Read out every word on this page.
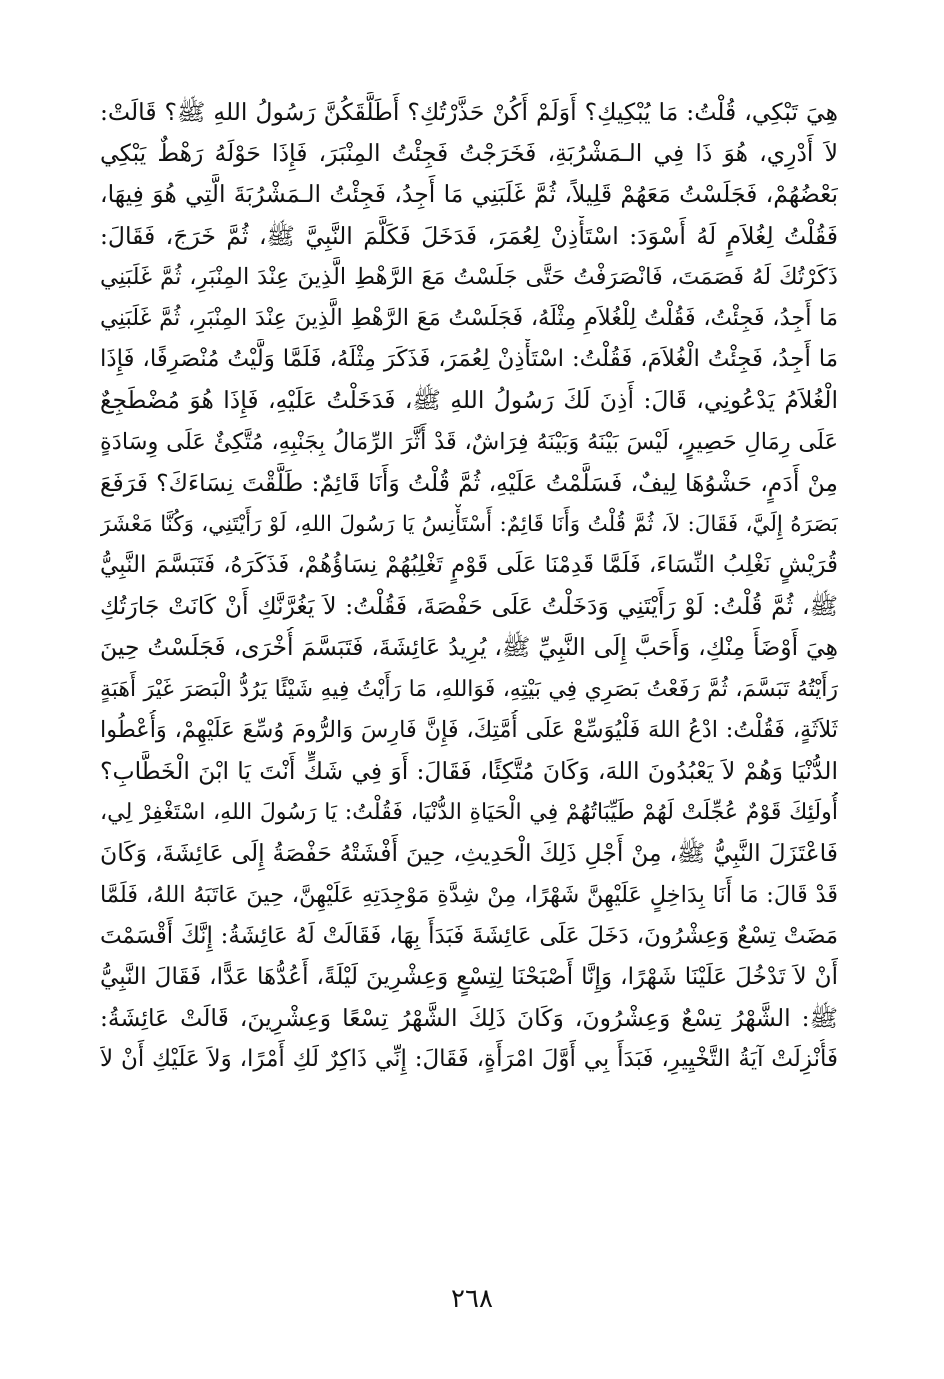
هِيَ تَبْكِي، قُلْتُ: مَا يُبْكِيكِ؟ أَوَلَمْ أَكُنْ حَذَّرْتُكِ؟ أَطَلَّقَكُنَّ رَسُولُ اللهِ ﷺ؟ قَالَتْ:
لاَ أَدْرِي، هُوَ ذَا فِي الـمَشْرُبَةِ، فَخَرَجْتُ فَجِئْتُ المِنْبَرَ، فَإِذَا حَوْلَهُ رَهْطٌ يَبْكِي
بَعْضُهُمْ، فَجَلَسْتُ مَعَهُمْ قَلِيلاً، ثُمَّ غَلَبَنِي مَا أَجِدُ، فَجِئْتُ الـمَشْرُبَةَ الَّتِي هُوَ فِيهَا،
فَقُلْتُ لِغُلاَمٍ لَهُ أَسْوَدَ: اسْتَأْذِنْ لِعُمَرَ، فَدَخَلَ فَكَلَّمَ النَّبِيَّ ﷺ، ثُمَّ خَرَجَ، فَقَالَ:
ذَكَرْتُكَ لَهُ فَصَمَتَ، فَانْصَرَفْتُ حَتَّى جَلَسْتُ مَعَ الرَّهْطِ الَّذِينَ عِنْدَ المِنْبَرِ، ثُمَّ غَلَبَنِي
مَا أَجِدُ، فَجِئْتُ، فَقُلْتُ لِلْغُلاَمِ مِثْلَهُ، فَجَلَسْتُ مَعَ الرَّهْطِ الَّذِينَ عِنْدَ المِنْبَرِ، ثُمَّ غَلَبَنِي
مَا أَجِدُ، فَجِئْتُ الْغُلاَمَ، فَقُلْتُ: اسْتَأْذِنْ لِعُمَرَ، فَذَكَرَ مِثْلَهُ، فَلَمَّا وَلَّيْتُ مُنْصَرِفًا، فَإِذَا
الْغُلاَمُ يَدْعُونِي، قَالَ: أَذِنَ لَكَ رَسُولُ اللهِ ﷺ، فَدَخَلْتُ عَلَيْهِ، فَإِذَا هُوَ مُضْطَجِعٌ
عَلَى رِمَالِ حَصِيرٍ، لَيْسَ بَيْنَهُ وَبَيْنَهُ فِرَاشٌ، قَدْ أَثَّرَ الرِّمَالُ بِجَنْبِهِ، مُتَّكِئٌ عَلَى وِسَادَةٍ
مِنْ أَدَمٍ، حَشْوُهَا لِيفٌ، فَسَلَّمْتُ عَلَيْهِ، ثُمَّ قُلْتُ وَأَنَا قَائِمٌ: طَلَّقْتَ نِسَاءَكَ؟ فَرَفَعَ
بَصَرَهُ إِلَيَّ، فَقَالَ: لاَ، ثُمَّ قُلْتُ وَأَنَا قَائِمٌ: أَسْتَأْنِسُ يَا رَسُولَ اللهِ، لَوْ رَأَيْتَنِي، وَكُنَّا مَعْشَرَ
قُرَيْشٍ نَغْلِبُ النِّسَاءَ، فَلَمَّا قَدِمْنَا عَلَى قَوْمٍ تَغْلِبُهُمْ نِسَاؤُهُمْ، فَذَكَرَهُ، فَتَبَسَّمَ النَّبِيُّ
ﷺ، ثُمَّ قُلْتُ: لَوْ رَأَيْتَنِي وَدَخَلْتُ عَلَى حَفْصَةَ، فَقُلْتُ: لاَ يَغُرَّنَّكِ أَنْ كَانَتْ جَارَتُكِ
هِيَ أَوْضَأَ مِنْكِ، وَأَحَبَّ إِلَى النَّبِيِّ ﷺ، يُرِيدُ عَائِشَةَ، فَتَبَسَّمَ أُخْرَى، فَجَلَسْتُ حِينَ
رَأَيْتُهُ تَبَسَّمَ، ثُمَّ رَفَعْتُ بَصَرِي فِي بَيْتِهِ، فَوَاللهِ، مَا رَأَيْتُ فِيهِ شَيْئًا يَرُدُّ الْبَصَرَ غَيْرَ أَهَبَةٍ
ثَلاَثَةٍ، فَقُلْتُ: ادْعُ اللهَ فَلْيُوَسِّعْ عَلَى أُمَّتِكَ، فَإِنَّ فَارِسَ وَالرُّومَ وُسِّعَ عَلَيْهِمْ، وَأُعْطُوا
الدُّنْيَا وَهُمْ لاَ يَعْبُدُونَ اللهَ، وَكَانَ مُتَّكِئًا، فَقَالَ: أَوَ فِي شَكٍّ أَنْتَ يَا ابْنَ الْخَطَّابِ؟
أُولَئِكَ قَوْمٌ عُجِّلَتْ لَهُمْ طَيِّبَاتُهُمْ فِي الْحَيَاةِ الدُّنْيَا، فَقُلْتُ: يَا رَسُولَ اللهِ، اسْتَغْفِرْ لِي،
فَاعْتَزَلَ النَّبِيُّ ﷺ، مِنْ أَجْلِ ذَلِكَ الْحَدِيثِ، حِينَ أَفْشَتْهُ حَفْصَةُ إِلَى عَائِشَةَ، وَكَانَ
قَدْ قَالَ: مَا أَنَا بِدَاخِلٍ عَلَيْهِنَّ شَهْرًا، مِنْ شِدَّةِ مَوْجِدَتِهِ عَلَيْهِنَّ، حِينَ عَاتَبَهُ اللهُ، فَلَمَّا
مَضَتْ تِسْعٌ وَعِشْرُونَ، دَخَلَ عَلَى عَائِشَةَ فَبَدَأَ بِهَا، فَقَالَتْ لَهُ عَائِشَةُ: إِنَّكَ أَقْسَمْتَ
أَنْ لاَ تَدْخُلَ عَلَيْنَا شَهْرًا، وَإِنَّا أَصْبَحْنَا لِتِسْعٍ وَعِشْرِينَ لَيْلَةً، أَعُدُّهَا عَدًّا، فَقَالَ النَّبِيُّ
ﷺ: الشَّهْرُ تِسْعٌ وَعِشْرُونَ، وَكَانَ ذَلِكَ الشَّهْرُ تِسْعًا وَعِشْرِينَ، قَالَتْ عَائِشَةُ:
فَأُنْزِلَتْ آيَةُ التَّخْيِيرِ، فَبَدَأَ بِي أَوَّلَ امْرَأَةٍ، فَقَالَ: إِنِّي ذَاكِرٌ لَكِ أَمْرًا، وَلاَ عَلَيْكِ أَنْ لاَ
٢٦٨
